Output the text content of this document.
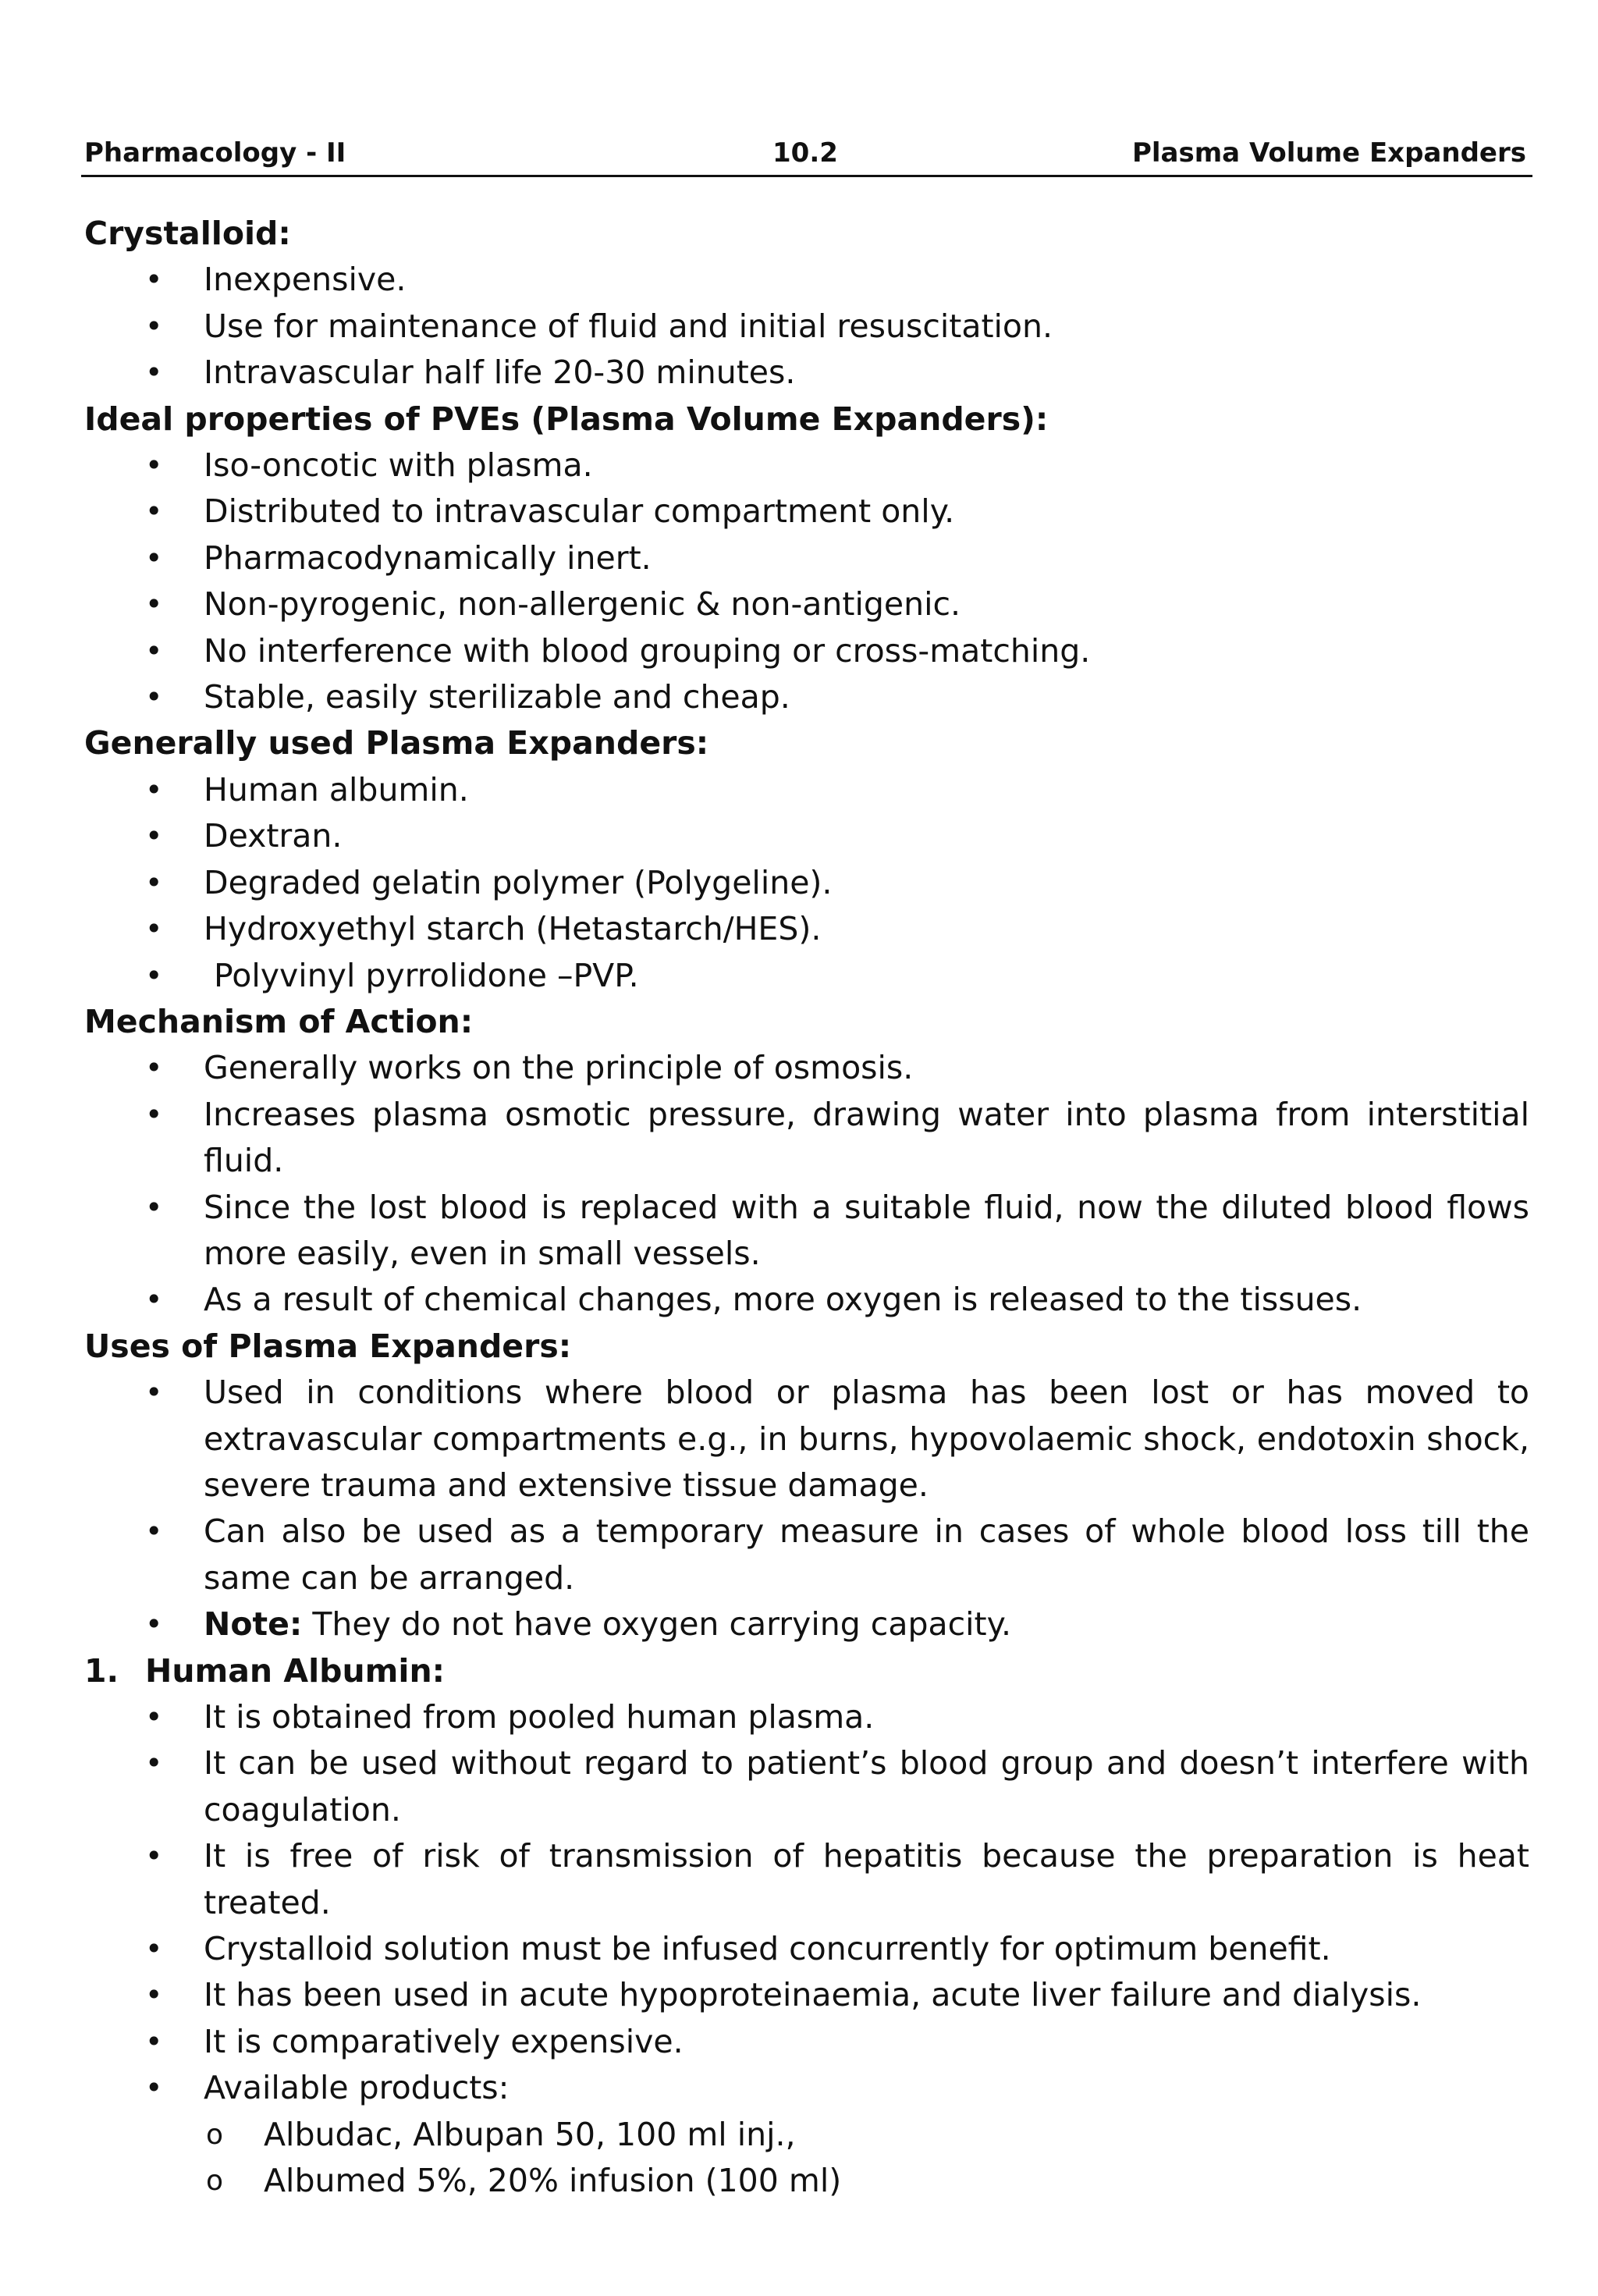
Pharmacology - II	10.2	Plasma Volume Expanders

Crystalloid:

• Inexpensive.
• Use for maintenance of fluid and initial resuscitation.
• Intravascular half life 20-30 minutes.

Ideal properties of PVEs (Plasma Volume Expanders):

• Iso-oncotic with plasma.
• Distributed to intravascular compartment only.
• Pharmacodynamically inert.
• Non-pyrogenic, non-allergenic & non-antigenic.
• No interference with blood grouping or cross-matching.
• Stable, easily sterilizable and cheap.

Generally used Plasma Expanders:

• Human albumin.
• Dextran.
• Degraded gelatin polymer (Polygeline).
• Hydroxyethyl starch (Hetastarch/HES).
• Polyvinyl pyrrolidone –PVP.

Mechanism of Action:

• Generally works on the principle of osmosis.
• Increases plasma osmotic pressure, drawing water into plasma from interstitial fluid.
• Since the lost blood is replaced with a suitable fluid, now the diluted blood flows more easily, even in small vessels.
• As a result of chemical changes, more oxygen is released to the tissues.

Uses of Plasma Expanders:

• Used in conditions where blood or plasma has been lost or has moved to extravascular compartments e.g., in burns, hypovolaemic shock, endotoxin shock, severe trauma and extensive tissue damage.
• Can also be used as a temporary measure in cases of whole blood loss till the same can be arranged.
• Note: They do not have oxygen carrying capacity.

1. Human Albumin:

• It is obtained from pooled human plasma.
• It can be used without regard to patient’s blood group and doesn’t interfere with coagulation.
• It is free of risk of transmission of hepatitis because the preparation is heat treated.
• Crystalloid solution must be infused concurrently for optimum benefit.
• It has been used in acute hypoproteinaemia, acute liver failure and dialysis.
• It is comparatively expensive.
• Available products:
o Albudac, Albupan 50, 100 ml inj.,
o Albumed 5%, 20% infusion (100 ml)
